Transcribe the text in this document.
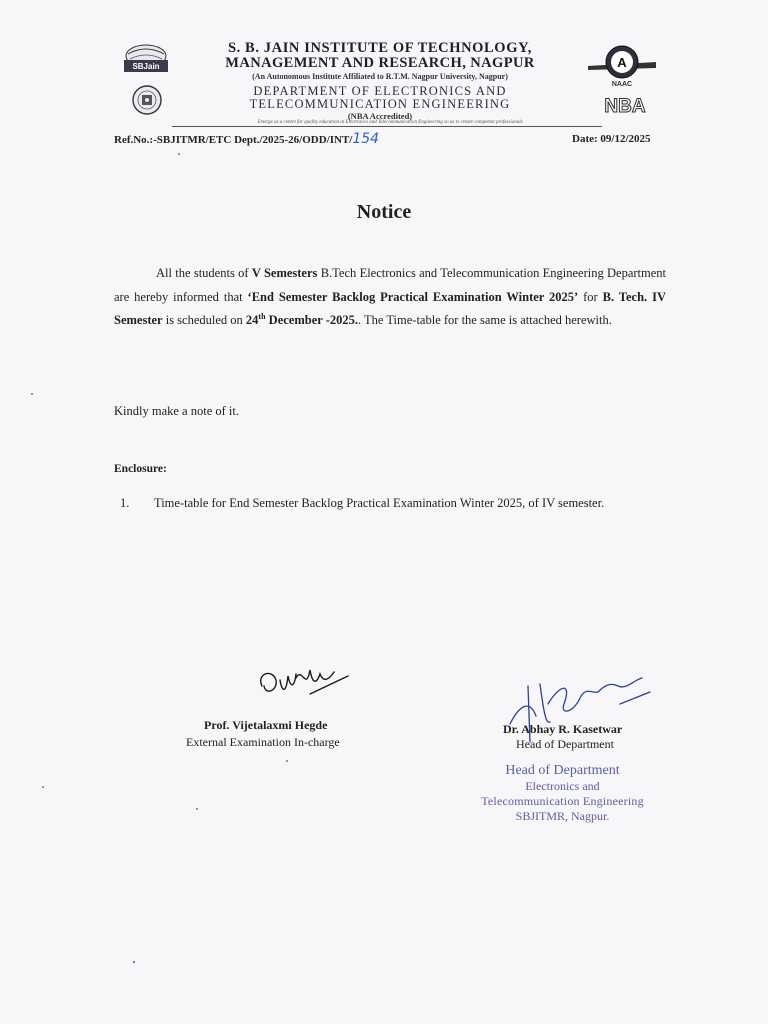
SBJain	A
NAAC
NBA
S. B. JAIN INSTITUTE OF TECHNOLOGY,
MANAGEMENT AND RESEARCH, NAGPUR
(An Autonomous Institute Affiliated to R.T.M. Nagpur University, Nagpur)
DEPARTMENT OF ELECTRONICS AND
TELECOMMUNICATION ENGINEERING
(NBA Accredited)
Emerge as a centre for quality education in Electronics and Telecommunication Engineering so as to create competent professionals
Ref.No.:-SBJITMR/ETC Dept./2025-26/ODD/INT/154	Date: 09/12/2025
Notice
All the students of V Semesters B.Tech Electronics and Telecommunication Engineering Department are hereby informed that ‘End Semester Backlog Practical Examination Winter 2025’ for B. Tech. IV Semester is scheduled on 24th December -2025.. The Time-table for the same is attached herewith.
Kindly make a note of it.
Enclosure:
1. Time-table for End Semester Backlog Practical Examination Winter 2025, of IV semester.
Prof. Vijetalaxmi Hegde
External Examination In-charge
Dr. Abhay R. Kasetwar
Head of Department
Head of Department
Electronics and
Telecommunication Engineering
SBJITMR, Nagpur.
